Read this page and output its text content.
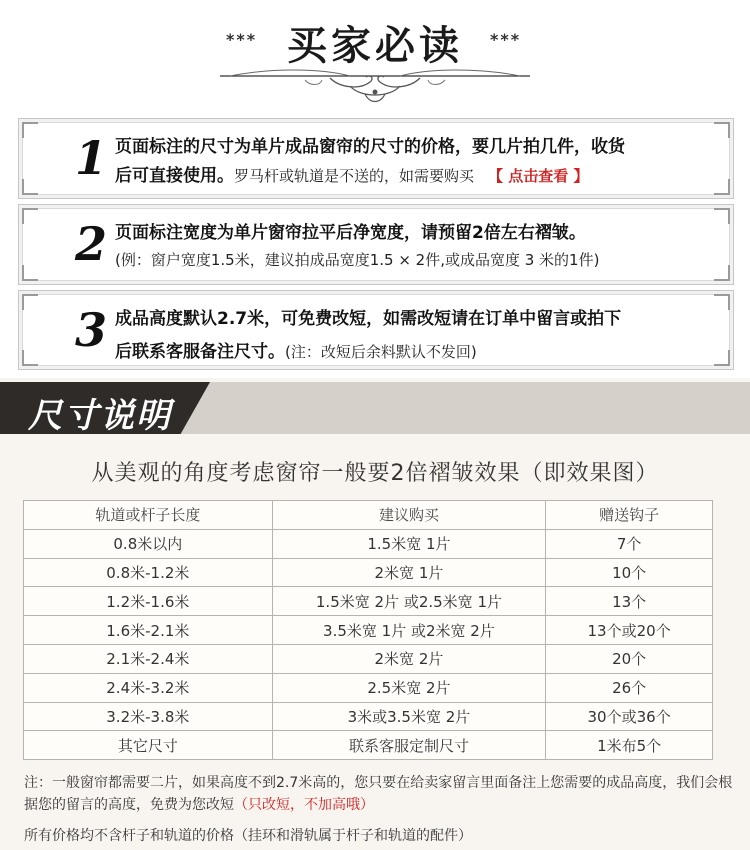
*** 买家必读	***
1 页面标注的尺寸为单片成品窗帘的尺寸的价格，要几片拍几件，收货
后可直接使用。罗马杆或轨道是不送的，如需要购买 【 点击查看 】
2 页面标注宽度为单片窗帘拉平后净宽度，请预留2倍左右褶皱。
(例：窗户宽度1.5米，建议拍成品宽度1.5 × 2件,或成品宽度 3 米的1件)
3 成品高度默认2.7米，可免费改短，如需改短请在订单中留言或拍下
后联系客服备注尺寸。(注：改短后余料默认不发回)
尺寸说明
从美观的角度考虑窗帘一般要2倍褶皱效果（即效果图）
轨道或杆子长度	建议购买	赠送钩子
0.8米以内	1.5米宽 1片	7个
0.8米-1.2米	2米宽 1片	10个
1.2米-1.6米	1.5米宽 2片 或2.5米宽 1片	13个
1.6米-2.1米	3.5米宽 1片 或2米宽 2片	13个或20个
2.1米-2.4米	2米宽 2片	20个
2.4米-3.2米	2.5米宽 2片	26个
3.2米-3.8米	3米或3.5米宽 2片	30个或36个
其它尺寸	联系客服定制尺寸	1米布5个
注：一般窗帘都需要二片，如果高度不到2.7米高的，您只要在给卖家留言里面备注上您需要的成品高度，我们会根据您的留言的高度，免费为您改短（只改短，不加高哦）
所有价格均不含杆子和轨道的价格（挂环和滑轨属于杆子和轨道的配件）
